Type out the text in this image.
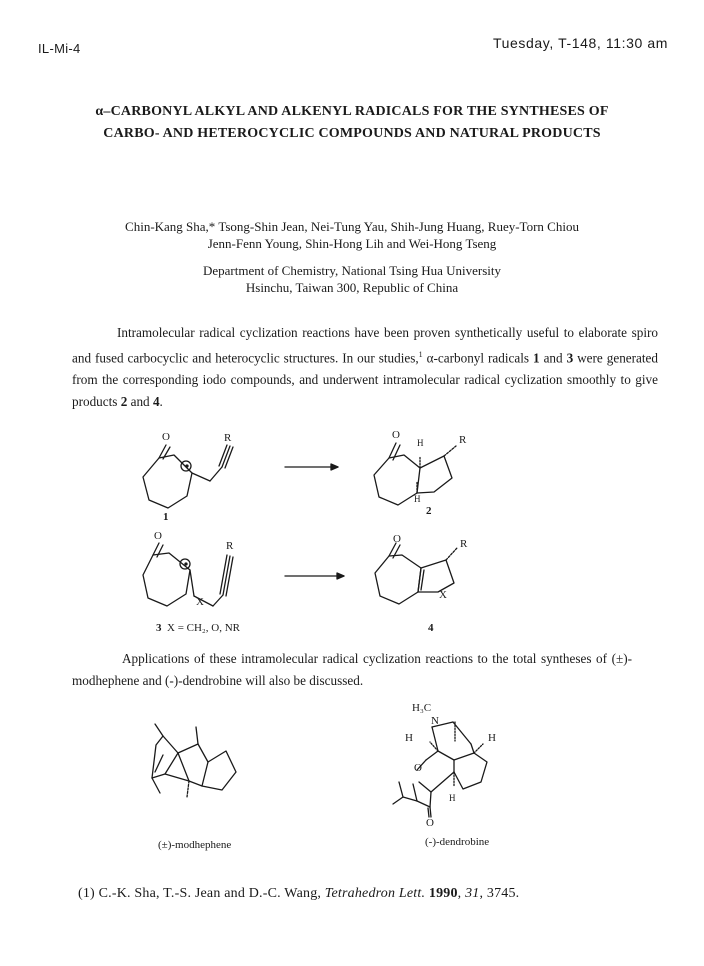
IL-Mi-4	Tuesday, T-148, 11:30 am
α–CARBONYL ALKYL AND ALKENYL RADICALS FOR THE SYNTHESES OF
CARBO- AND HETEROCYCLIC COMPOUNDS AND NATURAL PRODUCTS
Chin-Kang Sha,* Tsong-Shin Jean, Nei-Tung Yau, Shih-Jung Huang, Ruey-Torn Chiou
Jenn-Fenn Young, Shin-Hong Lih and Wei-Hong Tseng
Department of Chemistry, National Tsing Hua University
Hsinchu, Taiwan 300, Republic of China
Intramolecular radical cyclization reactions have been proven synthetically useful to elaborate spiro and fused carbocyclic and heterocyclic structures. In our studies,$^1$ α-carbonyl radicals 1 and 3 were generated from the corresponding iodo compounds, and underwent intramolecular radical cyclization smoothly to give products 2 and 4.
O	R
1
O
H	R
H
2
O
R
X
3 X = CH₂, O, NR
O	R
X
4
Applications of these intramolecular radical cyclization reactions to the total syntheses of (±)-modhephene and (-)-dendrobine will also be discussed.
H₃C
N
H	H
O
H
O
(±)-modhephene	(-)-dendrobine
(1) C.-K. Sha, T.-S. Jean and D.-C. Wang, Tetrahedron Lett. 1990, 31, 3745.
